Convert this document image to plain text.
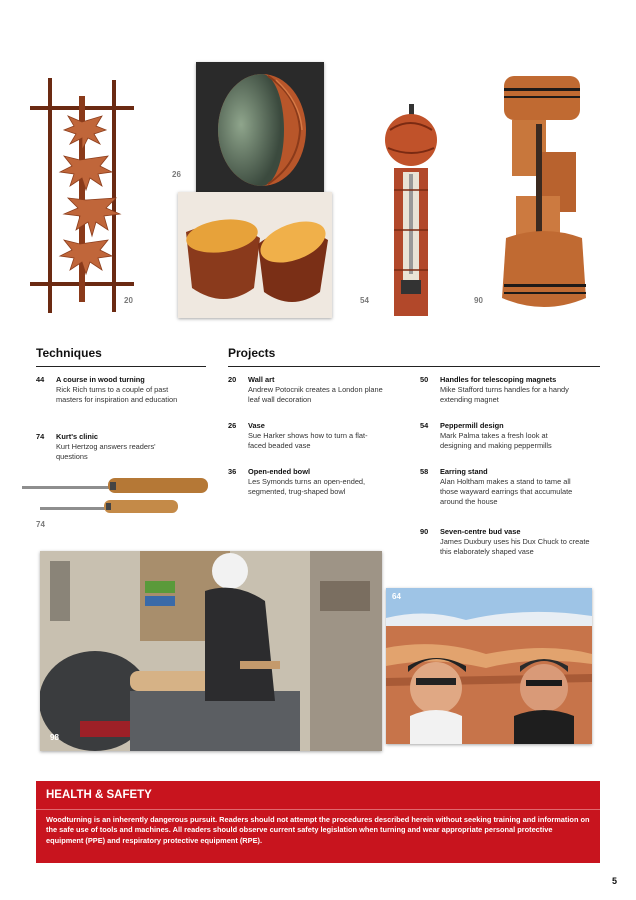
20
26
54	90
Techniques
44	A course in wood turning
Rick Rich turns to a couple of past masters for inspiration and education
74	Kurt's clinic
Kurt Hertzog answers readers' questions
74
Projects
20	Wall art
Andrew Potocnik creates a London plane leaf wall decoration
26	Vase
Sue Harker shows how to turn a flat-faced beaded vase
36	Open-ended bowl
Les Symonds turns an open-ended, segmented, trug-shaped bowl
50	Handles for telescoping magnets
Mike Stafford turns handles for a handy extending magnet
54	Peppermill design
Mark Palma takes a fresh look at designing and making peppermills
58	Earring stand
Alan Holtham makes a stand to tame all those wayward earrings that accumulate around the house
90	Seven-centre bud vase
James Duxbury uses his Dux Chuck to create this elaborately shaped vase
98
64
HEALTH & SAFETY
Woodturning is an inherently dangerous pursuit. Readers should not attempt the procedures described herein without seeking training and information on the safe use of tools and machines. All readers should observe current safety legislation when turning and wear appropriate personal protective equipment (PPE) and respiratory protective equipment (RPE).
5
